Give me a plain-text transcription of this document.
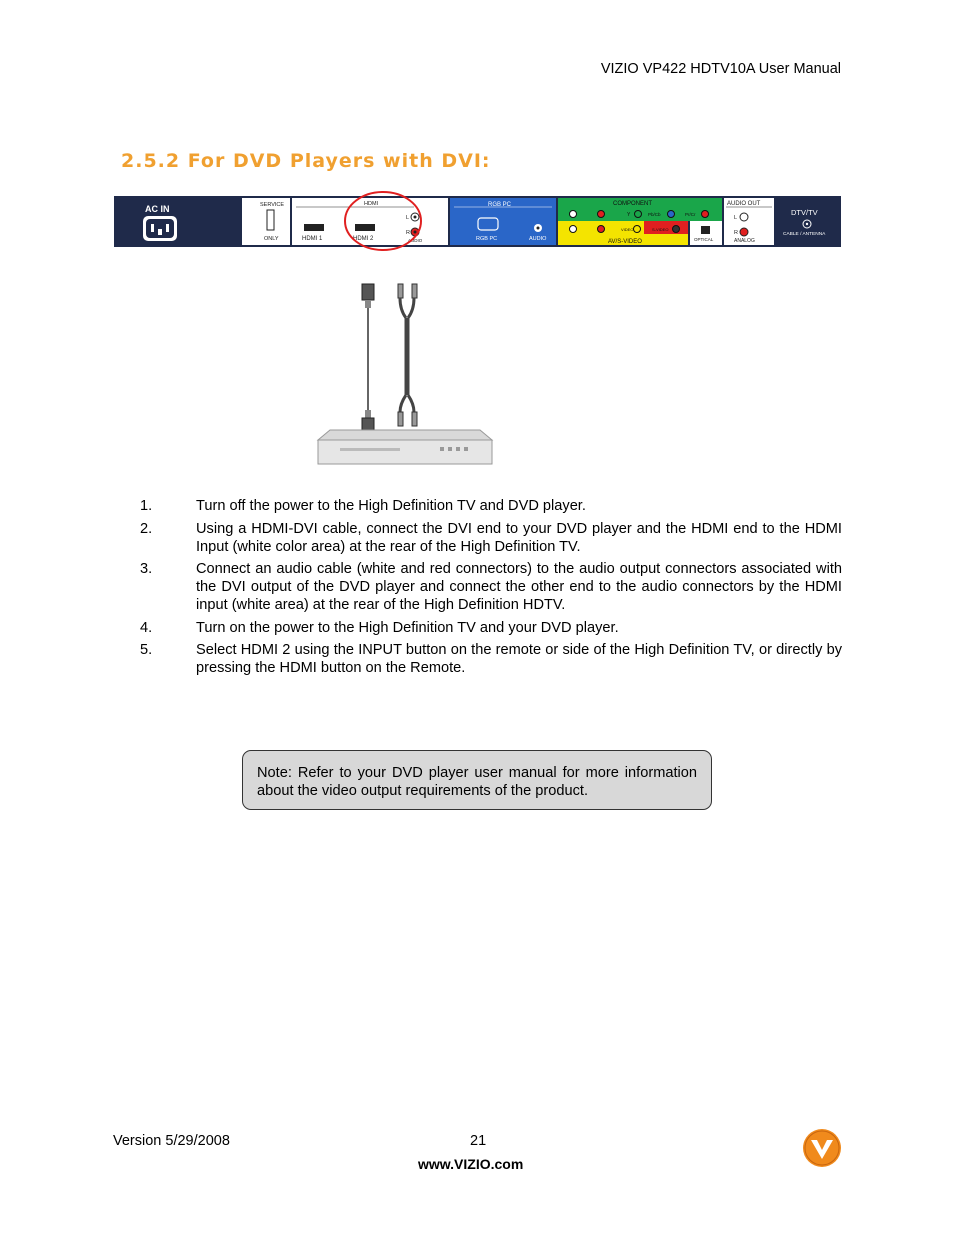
VIZIO VP422 HDTV10A User Manual
2.5.2 For DVD Players with DVI:
AC IN	SERVICE
ONLY
HDMI
HDMI 1	HDMI 2
L
R
AUDIO
RGB PC
RGB PC	AUDIO
COMPONENT
Y	Pb/Cb	Pr/Cr
VIDEO	S-VIDEO
AV/S-VIDEO	OPTICAL
AUDIO OUT
L
R
ANALOG
DTV/TV
CABLE / ANTENNA
1.	Turn off the power to the High Definition TV and DVD player.
2.	Using a HDMI-DVI cable, connect the DVI end to your DVD player and the HDMI end to the HDMI Input (white color area) at the rear of the High Definition TV.
3.	Connect an audio cable (white and red connectors) to the audio output connectors associated with the DVI output of the DVD player and connect the other end to the audio connectors by the HDMI input (white area) at the rear of the High Definition HDTV.
4.	Turn on the power to the High Definition TV and your DVD player.
5.	Select HDMI 2 using the INPUT button on the remote or side of the High Definition TV, or directly by pressing the HDMI button on the Remote.
Note: Refer to your DVD player user manual for more information about the video output requirements of the product.
Version 5/29/2008	21
www.VIZIO.com
